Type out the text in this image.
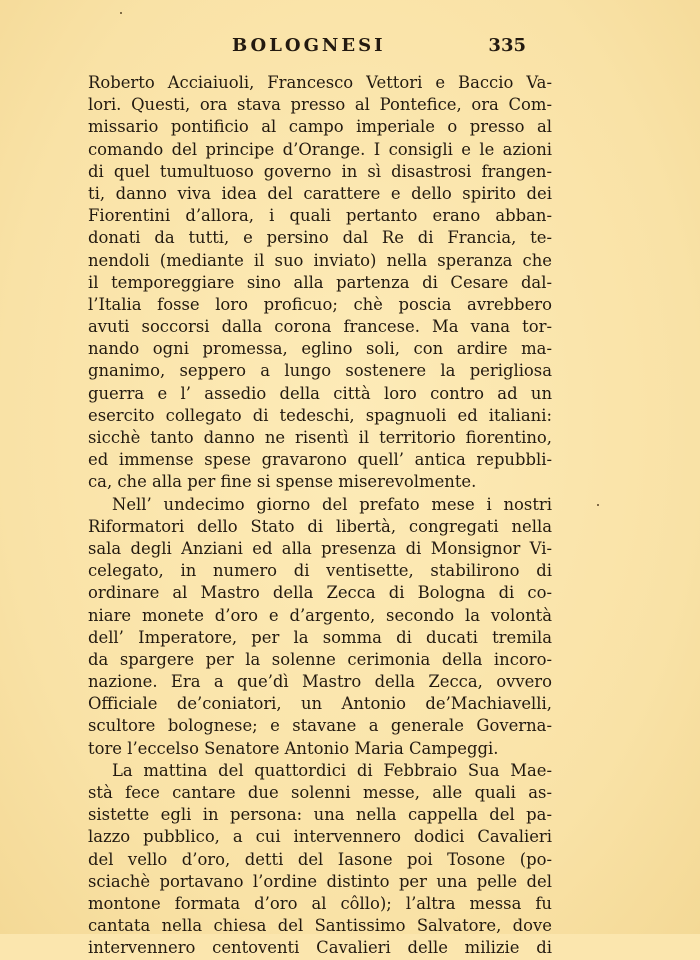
BOLOGNESI	335
Roberto Acciaiuoli, Francesco Vettori e Baccio Va-
lori. Questi, ora stava presso al Pontefice, ora Com-
missario pontificio al campo imperiale o presso al
comando del principe d’Orange. I consigli e le azioni
di quel tumultuoso governo in sì disastrosi frangen-
ti, danno viva idea del carattere e dello spirito dei
Fiorentini d’allora, i quali pertanto erano abban-
donati da tutti, e persino dal Re di Francia, te-
nendoli (mediante il suo inviato) nella speranza che
il temporeggiare sino alla partenza di Cesare dal-
l’Italia fosse loro proficuo; chè poscia avrebbero
avuti soccorsi dalla corona francese. Ma vana tor-
nando ogni promessa, eglino soli, con ardire ma-
gnanimo, seppero a lungo sostenere la perigliosa
guerra e l’ assedio della città loro contro ad un
esercito collegato di tedeschi, spagnuoli ed italiani:
sicchè tanto danno ne risentì il territorio fiorentino,
ed immense spese gravarono quell’ antica repubbli-
ca, che alla per fine si spense miserevolmente.
Nell’ undecimo giorno del prefato mese i nostri
Riformatori dello Stato di libertà, congregati nella
sala degli Anziani ed alla presenza di Monsignor Vi-
celegato, in numero di ventisette, stabilirono di
ordinare al Mastro della Zecca di Bologna di co-
niare monete d’oro e d’argento, secondo la volontà
dell’ Imperatore, per la somma di ducati tremila
da spargere per la solenne cerimonia della incoro-
nazione. Era a que’dì Mastro della Zecca, ovvero
Officiale de’coniatori, un Antonio de’Machiavelli,
scultore bolognese; e stavane a generale Governa-
tore l’eccelso Senatore Antonio Maria Campeggi.
La mattina del quattordici di Febbraio Sua Mae-
stà fece cantare due solenni messe, alle quali as-
sistette egli in persona: una nella cappella del pa-
lazzo pubblico, a cui intervennero dodici Cavalieri
del vello d’oro, detti del Iasone poi Tosone (po-
sciachè portavano l’ordine distinto per una pelle del
montone formata d’oro al côllo); l’altra messa fu
cantata nella chiesa del Santissimo Salvatore, dove
intervennero centoventi Cavalieri delle milizie di
